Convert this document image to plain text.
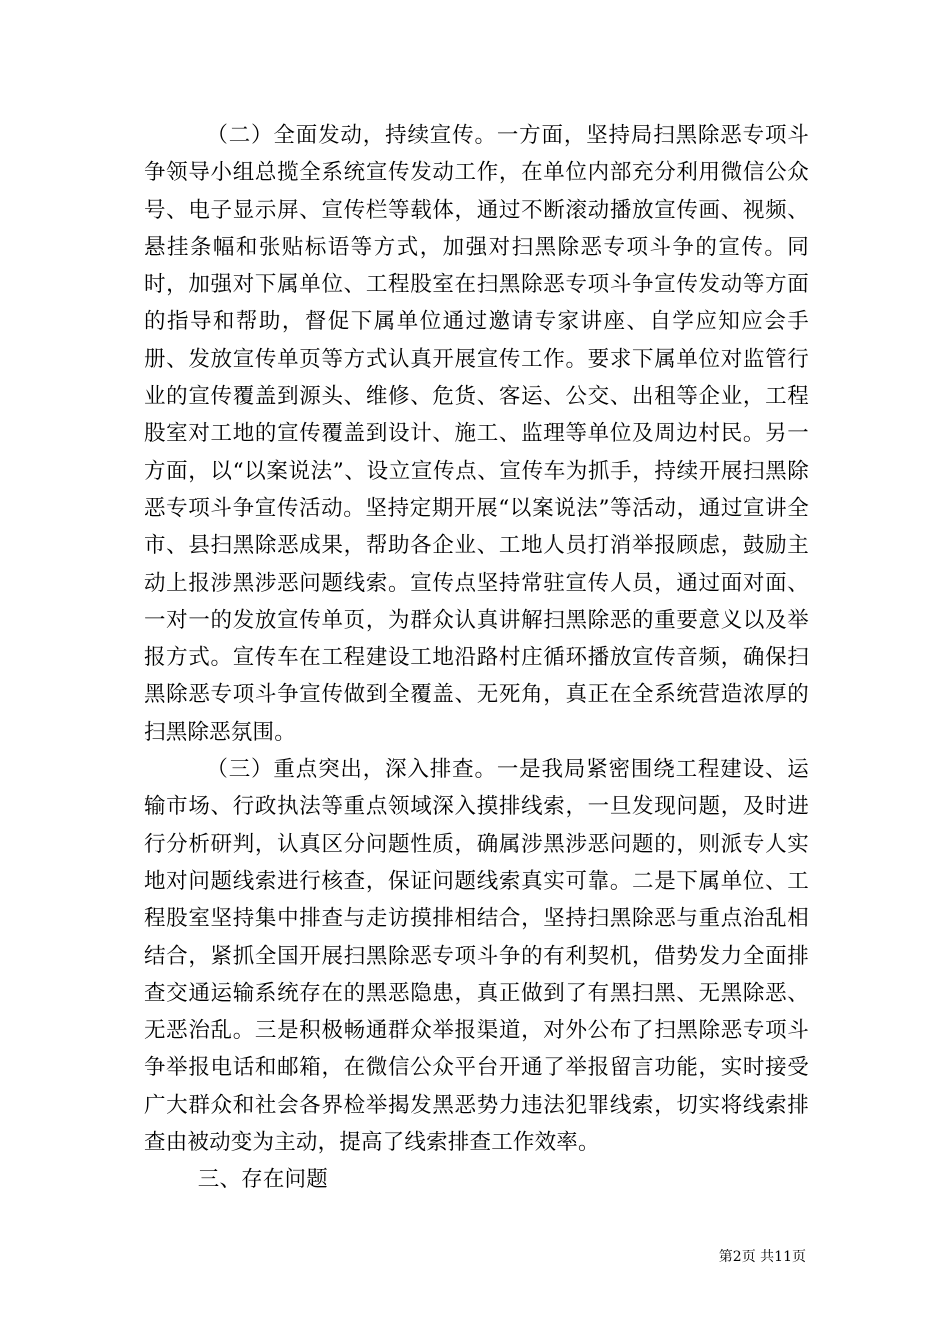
（二）全面发动，持续宣传。一方面，坚持局扫黑除恶专项斗争领导小组总揽全系统宣传发动工作，在单位内部充分利用微信公众号、电子显示屏、宣传栏等载体，通过不断滚动播放宣传画、视频、悬挂条幅和张贴标语等方式，加强对扫黑除恶专项斗争的宣传。同时，加强对下属单位、工程股室在扫黑除恶专项斗争宣传发动等方面的指导和帮助，督促下属单位通过邀请专家讲座、自学应知应会手册、发放宣传单页等方式认真开展宣传工作。要求下属单位对监管行业的宣传覆盖到源头、维修、危货、客运、公交、出租等企业，工程股室对工地的宣传覆盖到设计、施工、监理等单位及周边村民。另一方面，以“以案说法”、设立宣传点、宣传车为抓手，持续开展扫黑除恶专项斗争宣传活动。坚持定期开展“以案说法”等活动，通过宣讲全市、县扫黑除恶成果，帮助各企业、工地人员打消举报顾虑，鼓励主动上报涉黑涉恶问题线索。宣传点坚持常驻宣传人员，通过面对面、一对一的发放宣传单页，为群众认真讲解扫黑除恶的重要意义以及举报方式。宣传车在工程建设工地沿路村庄循环播放宣传音频，确保扫黑除恶专项斗争宣传做到全覆盖、无死角，真正在全系统营造浓厚的扫黑除恶氛围。

（三）重点突出，深入排查。一是我局紧密围绕工程建设、运输市场、行政执法等重点领域深入摸排线索，一旦发现问题，及时进行分析研判，认真区分问题性质，确属涉黑涉恶问题的，则派专人实地对问题线索进行核查，保证问题线索真实可靠。二是下属单位、工程股室坚持集中排查与走访摸排相结合，坚持扫黑除恶与重点治乱相结合，紧抓全国开展扫黑除恶专项斗争的有利契机，借势发力全面排查交通运输系统存在的黑恶隐患，真正做到了有黑扫黑、无黑除恶、无恶治乱。三是积极畅通群众举报渠道，对外公布了扫黑除恶专项斗争举报电话和邮箱，在微信公众平台开通了举报留言功能，实时接受广大群众和社会各界检举揭发黑恶势力违法犯罪线索，切实将线索排查由被动变为主动，提高了线索排查工作效率。

三、存在问题

第2页 共11页
